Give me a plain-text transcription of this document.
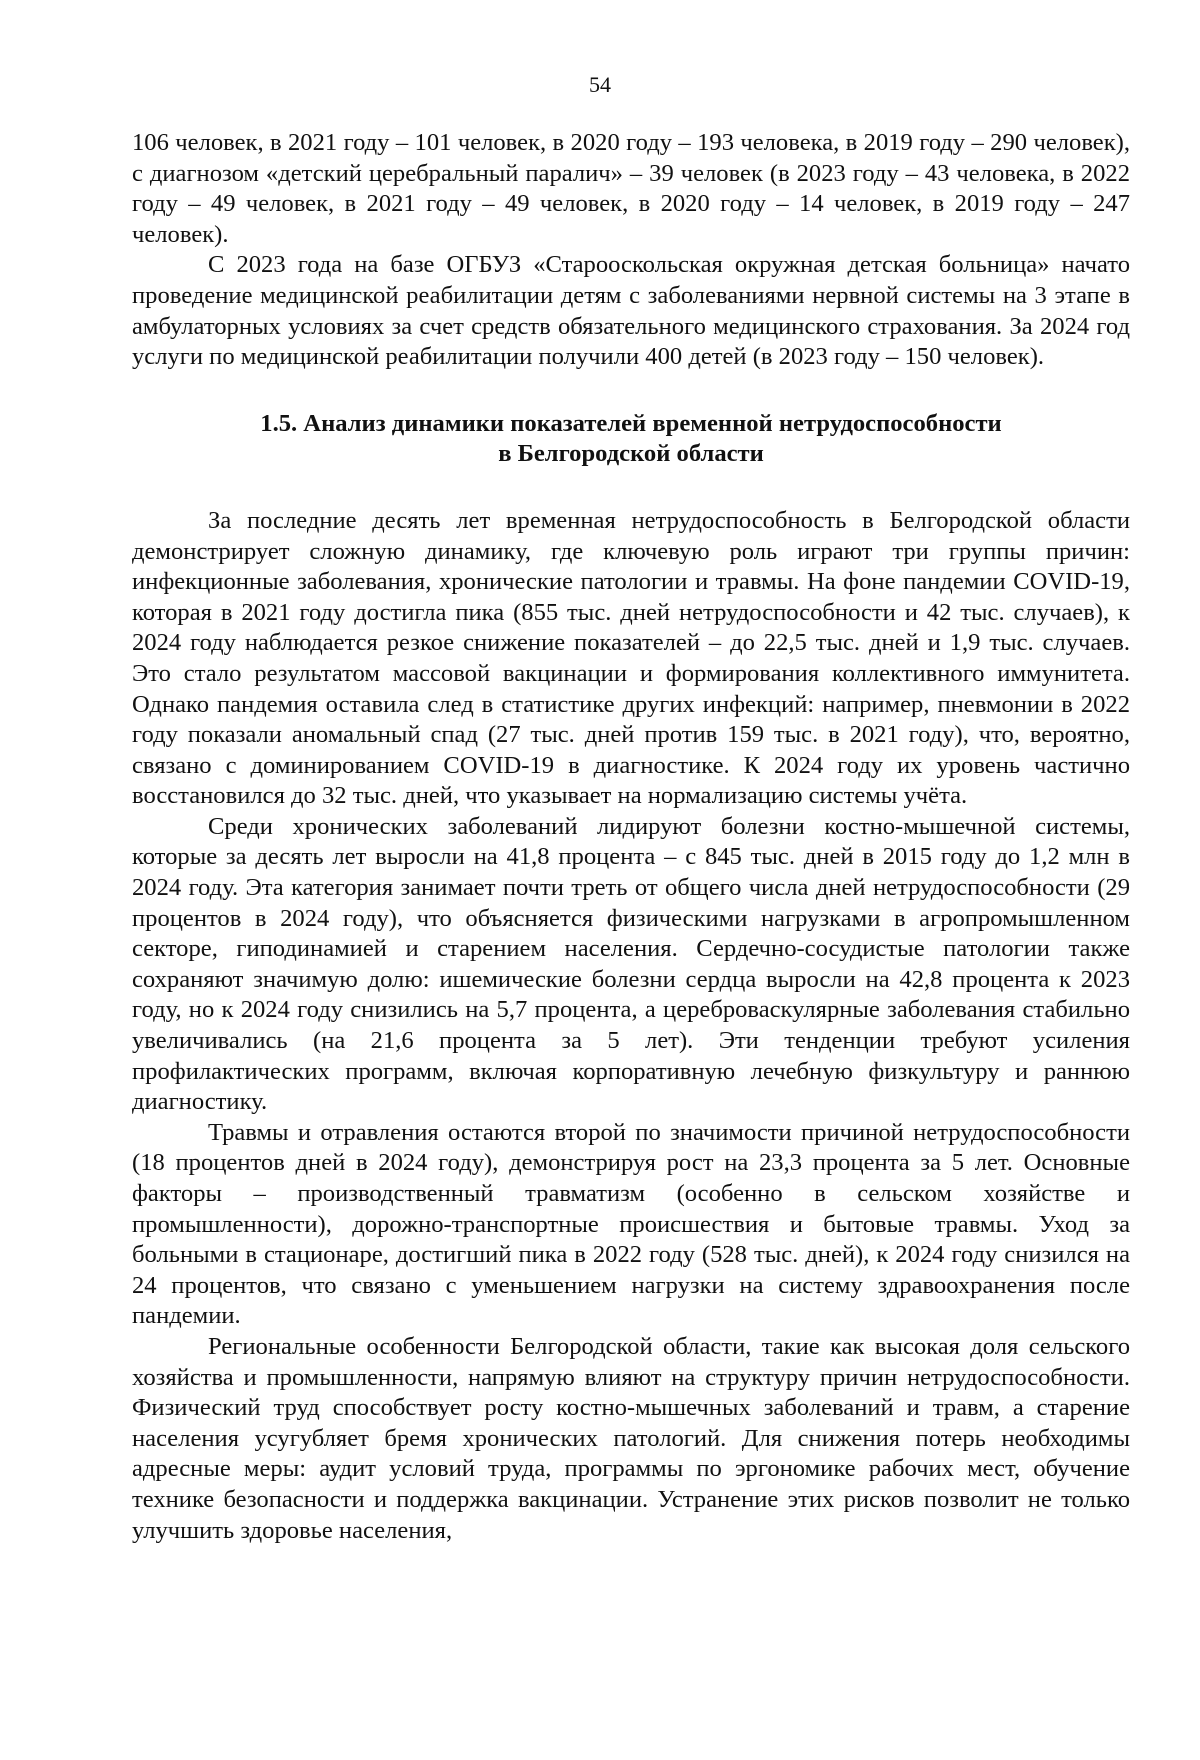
54

106 человек, в 2021 году – 101 человек, в 2020 году – 193 человека, в 2019 году – 290 человек), с диагнозом «детский церебральный паралич» – 39 человек (в 2023 году – 43 человека, в 2022 году – 49 человек, в 2021 году – 49 человек, в 2020 году – 14 человек, в 2019 году – 247 человек).

С 2023 года на базе ОГБУЗ «Старооскольская окружная детская больница» начато проведение медицинской реабилитации детям с заболеваниями нервной системы на 3 этапе в амбулаторных условиях за счет средств обязательного медицинского страхования. За 2024 год услуги по медицинской реабилитации получили 400 детей (в 2023 году – 150 человек).

1.5. Анализ динамики показателей временной нетрудоспособности
в Белгородской области

За последние десять лет временная нетрудоспособность в Белгородской области демонстрирует сложную динамику, где ключевую роль играют три группы причин: инфекционные заболевания, хронические патологии и травмы. На фоне пандемии COVID-19, которая в 2021 году достигла пика (855 тыс. дней нетрудоспособности и 42 тыс. случаев), к 2024 году наблюдается резкое снижение показателей – до 22,5 тыс. дней и 1,9 тыс. случаев. Это стало результатом массовой вакцинации и формирования коллективного иммунитета. Однако пандемия оставила след в статистике других инфекций: например, пневмонии в 2022 году показали аномальный спад (27 тыс. дней против 159 тыс. в 2021 году), что, вероятно, связано с доминированием COVID-19 в диагностике. К 2024 году их уровень частично восстановился до 32 тыс. дней, что указывает на нормализацию системы учёта.

Среди хронических заболеваний лидируют болезни костно-мышечной системы, которые за десять лет выросли на 41,8 процента – с 845 тыс. дней в 2015 году до 1,2 млн в 2024 году. Эта категория занимает почти треть от общего числа дней нетрудоспособности (29 процентов в 2024 году), что объясняется физическими нагрузками в агропромышленном секторе, гиподинамией и старением населения. Сердечно-сосудистые патологии также сохраняют значимую долю: ишемические болезни сердца выросли на 42,8 процента к 2023 году, но к 2024 году снизились на 5,7 процента, а цереброваскулярные заболевания стабильно увеличивались (на 21,6 процента за 5 лет). Эти тенденции требуют усиления профилактических программ, включая корпоративную лечебную физкультуру и раннюю диагностику.

Травмы и отравления остаются второй по значимости причиной нетрудоспособности (18 процентов дней в 2024 году), демонстрируя рост на 23,3 процента за 5 лет. Основные факторы – производственный травматизм (особенно в сельском хозяйстве и промышленности), дорожно-транспортные происшествия и бытовые травмы. Уход за больными в стационаре, достигший пика в 2022 году (528 тыс. дней), к 2024 году снизился на 24 процентов, что связано с уменьшением нагрузки на систему здравоохранения после пандемии.

Региональные особенности Белгородской области, такие как высокая доля сельского хозяйства и промышленности, напрямую влияют на структуру причин нетрудоспособности. Физический труд способствует росту костно-мышечных заболеваний и травм, а старение населения усугубляет бремя хронических патологий. Для снижения потерь необходимы адресные меры: аудит условий труда, программы по эргономике рабочих мест, обучение технике безопасности и поддержка вакцинации. Устранение этих рисков позволит не только улучшить здоровье населения,
